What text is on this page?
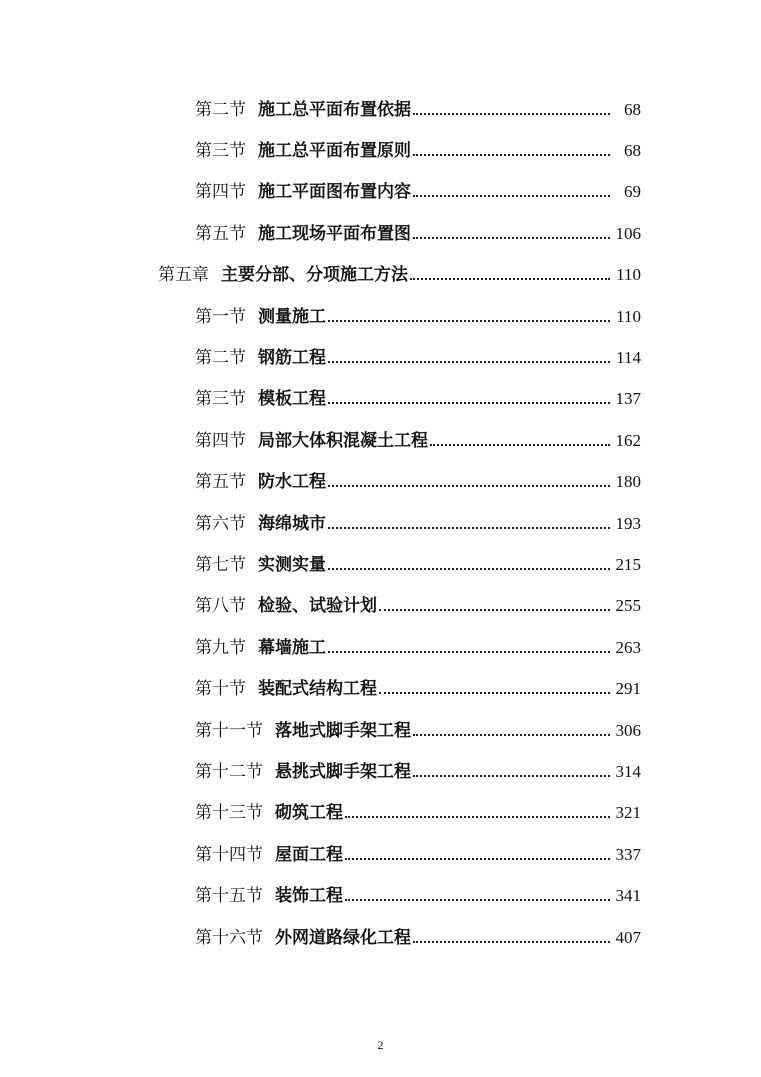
第二节 施工总平面布置依据	68
第三节 施工总平面布置原则	68
第四节 施工平面图布置内容	69
第五节 施工现场平面布置图	106
第五章 主要分部、分项施工方法	110
第一节 测量施工	110
第二节 钢筋工程	114
第三节 模板工程	137
第四节 局部大体积混凝土工程	162
第五节 防水工程	180
第六节 海绵城市	193
第七节 实测实量	215
第八节 检验、试验计划	255
第九节 幕墙施工	263
第十节 装配式结构工程	291
第十一节 落地式脚手架工程	306
第十二节 悬挑式脚手架工程	314
第十三节 砌筑工程	321
第十四节 屋面工程	337
第十五节 装饰工程	341
第十六节 外网道路绿化工程	407
2
